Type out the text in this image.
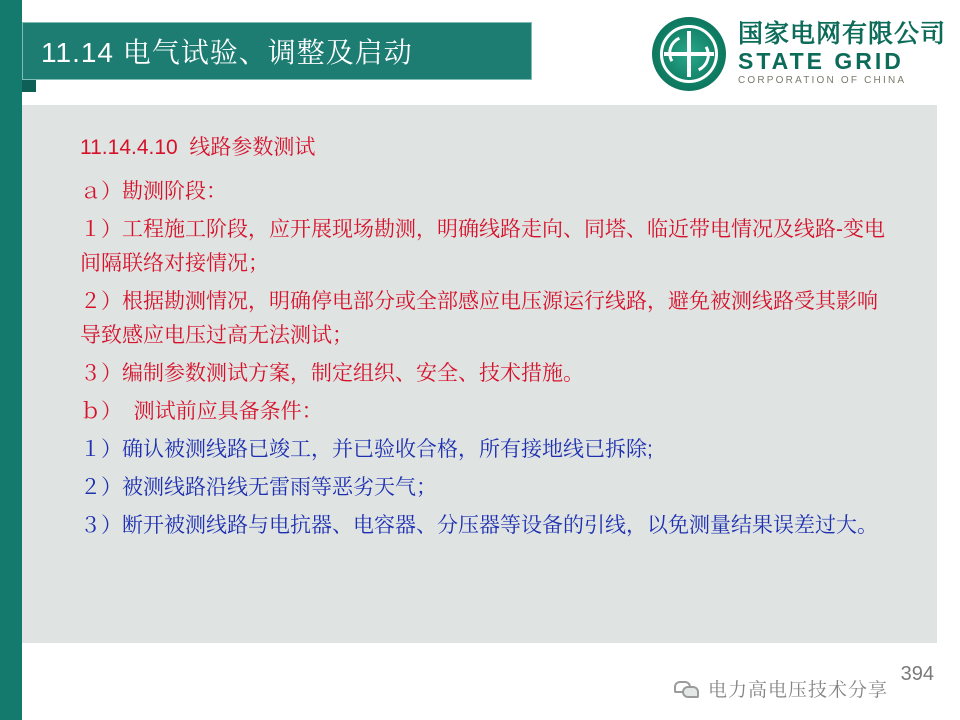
11.14 电气试验、调整及启动
国家电网有限公司
STATE GRID
CORPORATION OF CHINA

11.14.4.10  线路参数测试

ａ）勘测阶段：

１）工程施工阶段，应开展现场勘测，明确线路走向、同塔、临近带电情况及线路-变电间隔联络对接情况；

２）根据勘测情况，明确停电部分或全部感应电压源运行线路，避免被测线路受其影响导致感应电压过高无法测试；

３）编制参数测试方案，制定组织、安全、技术措施。

ｂ）  测试前应具备条件：

１）确认被测线路已竣工，并已验收合格，所有接地线已拆除;

２）被测线路沿线无雷雨等恶劣天气；

３）断开被测线路与电抗器、电容器、分压器等设备的引线，以免测量结果误差过大。

394
电力高电压技术分享
